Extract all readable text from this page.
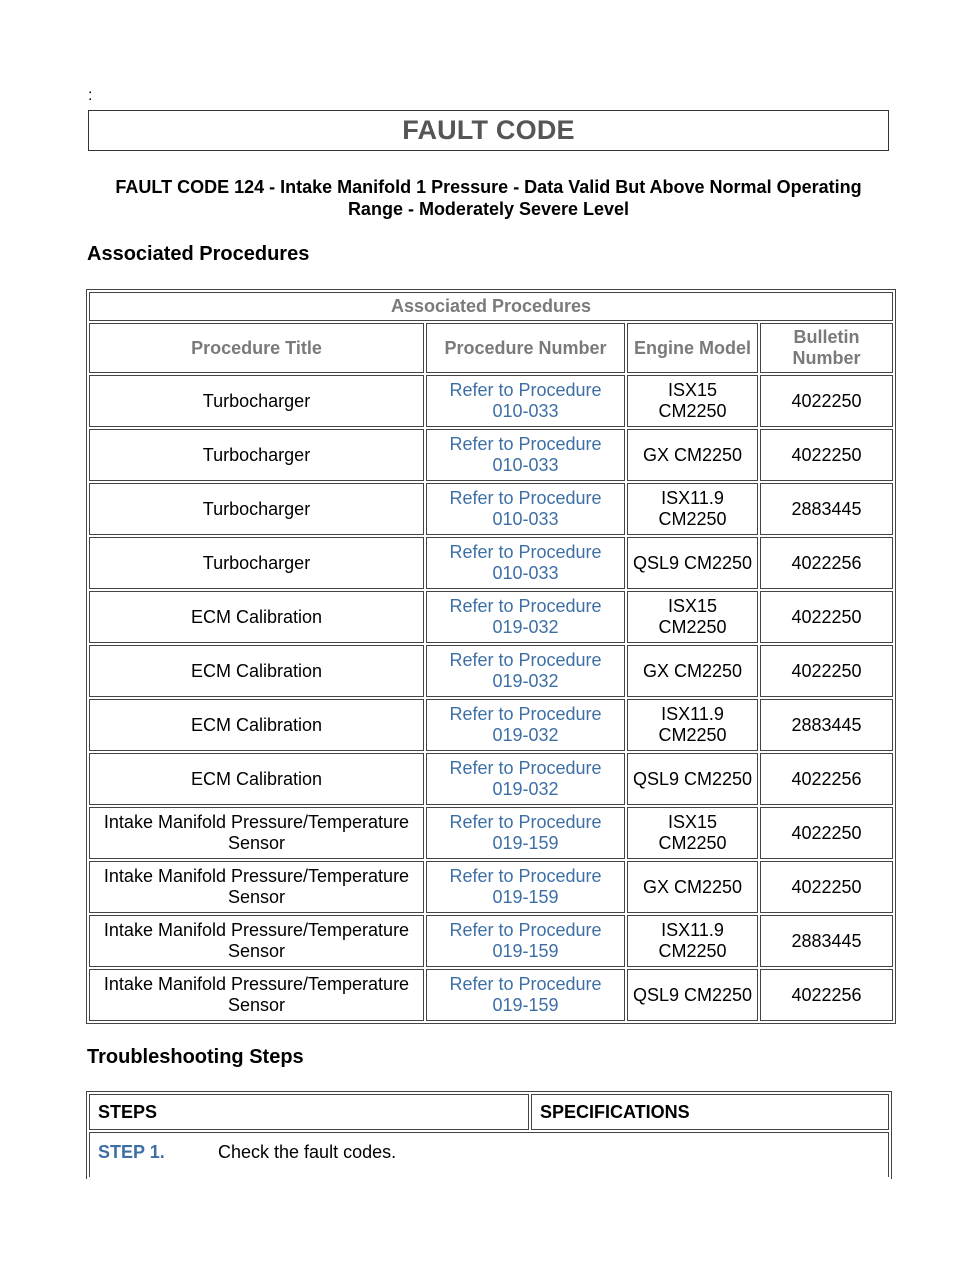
:
FAULT CODE
FAULT CODE 124 - Intake Manifold 1 Pressure - Data Valid But Above Normal Operating Range - Moderately Severe Level
Associated Procedures
Associated Procedures			
Procedure Title	Procedure Number	Engine Model	Bulletin Number
Turbocharger	Refer to Procedure 010-033	ISX15 CM2250	4022250
Turbocharger	Refer to Procedure 010-033	GX CM2250	4022250
Turbocharger	Refer to Procedure 010-033	ISX11.9 CM2250	2883445
Turbocharger	Refer to Procedure 010-033	QSL9 CM2250	4022256
ECM Calibration	Refer to Procedure 019-032	ISX15 CM2250	4022250
ECM Calibration	Refer to Procedure 019-032	GX CM2250	4022250
ECM Calibration	Refer to Procedure 019-032	ISX11.9 CM2250	2883445
ECM Calibration	Refer to Procedure 019-032	QSL9 CM2250	4022256
Intake Manifold Pressure/Temperature Sensor	Refer to Procedure 019-159	ISX15 CM2250	4022250
Intake Manifold Pressure/Temperature Sensor	Refer to Procedure 019-159	GX CM2250	4022250
Intake Manifold Pressure/Temperature Sensor	Refer to Procedure 019-159	ISX11.9 CM2250	2883445
Intake Manifold Pressure/Temperature Sensor	Refer to Procedure 019-159	QSL9 CM2250	4022256
Troubleshooting Steps
STEPS	SPECIFICATIONS
STEP 1.	Check the fault codes.
